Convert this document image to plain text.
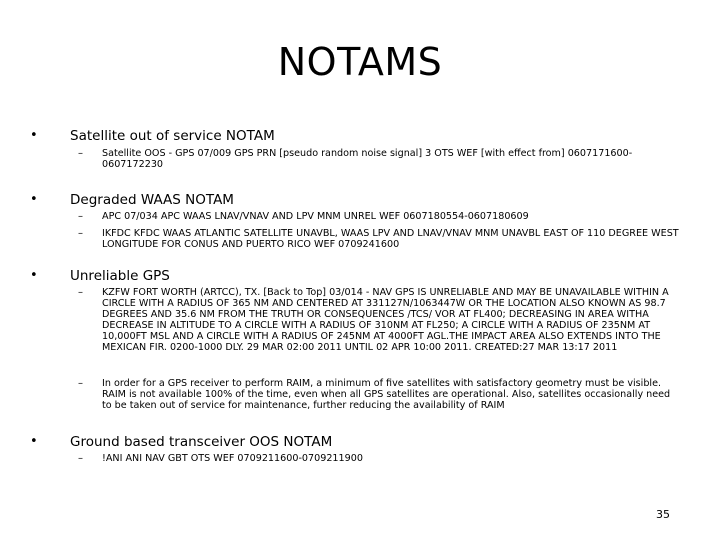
NOTAMS
• Satellite out of service NOTAM
– Satellite OOS - GPS 07/009 GPS PRN [pseudo random noise signal] 3 OTS WEF [with effect from] 0607171600-0607172230
• Degraded WAAS NOTAM
– APC 07/034 APC WAAS LNAV/VNAV AND LPV MNM UNREL WEF 0607180554-0607180609
– IKFDC KFDC WAAS ATLANTIC SATELLITE UNAVBL, WAAS LPV AND LNAV/VNAV MNM UNAVBL EAST OF 110 DEGREE WEST LONGITUDE FOR CONUS AND PUERTO RICO WEF 0709241600
• Unreliable GPS
– KZFW FORT WORTH (ARTCC), TX. [Back to Top] 03/014 - NAV GPS IS UNRELIABLE AND MAY BE UNAVAILABLE WITHIN A CIRCLE WITH A RADIUS OF 365 NM AND CENTERED AT 331127N/1063447W OR THE LOCATION ALSO KNOWN AS 98.7 DEGREES AND 35.6 NM FROM THE TRUTH OR CONSEQUENCES /TCS/ VOR AT FL400; DECREASING IN AREA WITHA DECREASE IN ALTITUDE TO A CIRCLE WITH A RADIUS OF 310NM AT FL250; A CIRCLE WITH A RADIUS OF 235NM AT 10,000FT MSL AND A CIRCLE WITH A RADIUS OF 245NM AT 4000FT AGL.THE IMPACT AREA ALSO EXTENDS INTO THE MEXICAN FIR. 0200-1000 DLY. 29 MAR 02:00 2011 UNTIL 02 APR 10:00 2011. CREATED:27 MAR 13:17 2011
– In order for a GPS receiver to perform RAIM, a minimum of five satellites with satisfactory geometry must be visible. RAIM is not available 100% of the time, even when all GPS satellites are operational. Also, satellites occasionally need to be taken out of service for maintenance, further reducing the availability of RAIM
• Ground based transceiver OOS NOTAM
– !ANI ANI NAV GBT OTS WEF 0709211600-0709211900
35
